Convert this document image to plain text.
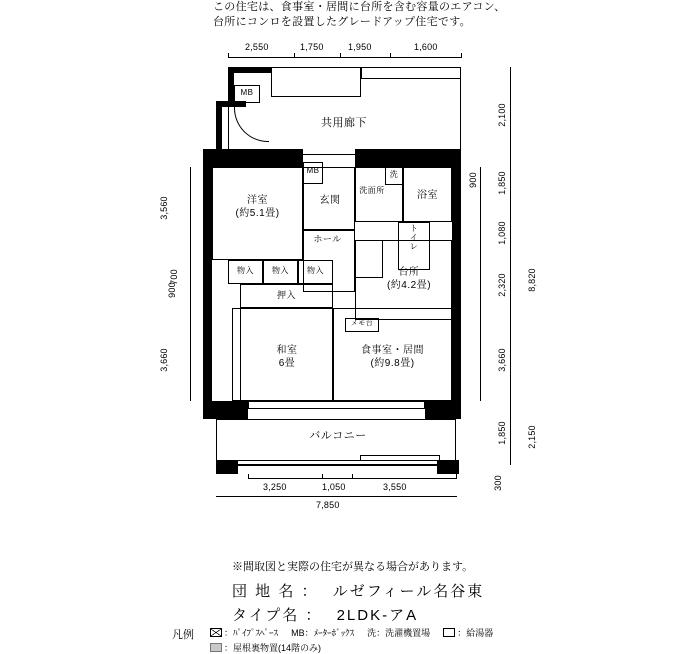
この住宅は、食事室・居間に台所を含む容量のエアコン、
台所にコンロを設置したグレードアップ住宅です。
2,550	1,750	1,950	1,600
MB
共用廊下
バルコニー
洋室
(約5.1畳)
MB
玄関
ホール
洗
洗面所	浴室
ト
イ
レ
台所
(約4.2畳)
物入	物入	物入
押入
和室
6畳
食事室・居間
(約9.8畳)
メモ台
3,560
700
900
3,660
2,100
900 1,850
1,080
2,320 8,820
3,660
1,850 2,150
300
3,250	1,050	3,550
7,850
※間取図と実際の住宅が異なる場合があります。
団 地 名 ： ルゼフィール名谷東
タイプ名 ： 2LDK-アA
凡例	：ﾊﾟｲﾌﾟｽﾍﾟｰｽ MB：ﾒｰﾀｰﾎﾞｯｸｽ 洗：洗濯機置場	：給湯器
：屋根裏物置(14階のみ)
